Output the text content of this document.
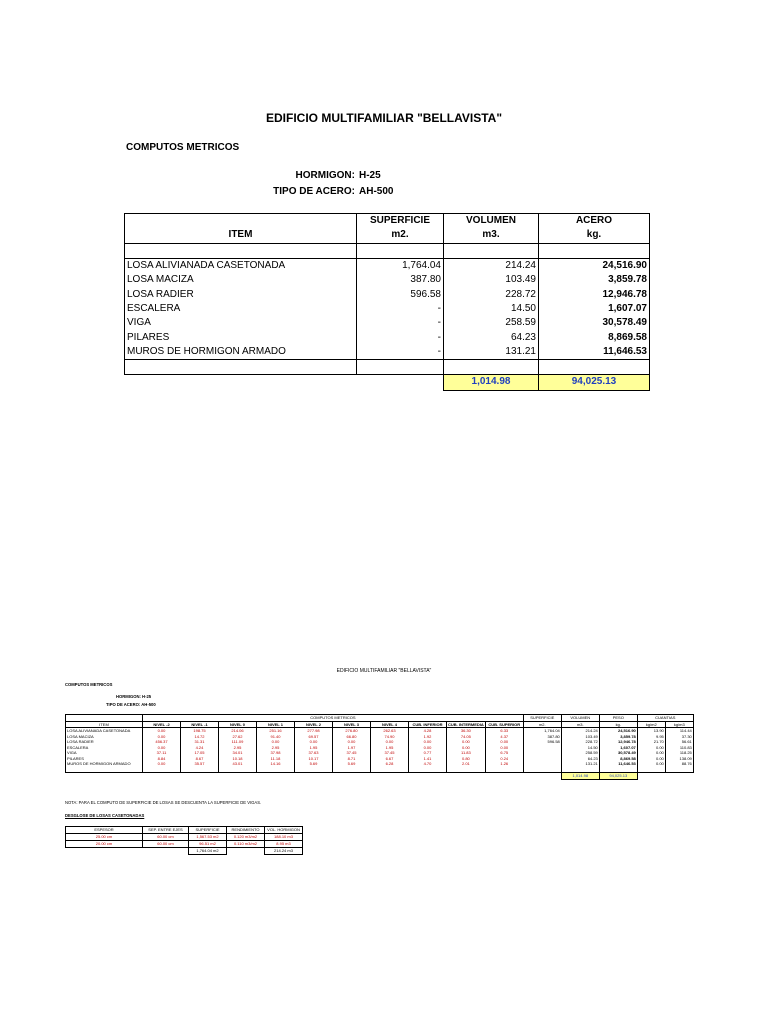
EDIFICIO MULTIFAMILIAR "BELLAVISTA"
COMPUTOS METRICOS
HORMIGON: H-25
TIPO DE ACERO: AH-500
	SUPERFICIE	VOLUMEN	ACERO
ITEM	m2.	m3.	kg.

LOSA ALIVIANADA CASETONADA	1,764.04	214.24	24,516.90
LOSA MACIZA	387.80	103.49	3,859.78
LOSA RADIER	596.58	228.72	12,946.78
ESCALERA	-	14.50	1,607.07
VIGA	-	258.59	30,578.49
PILARES	-	64.23	8,869.58
MUROS DE HORMIGON ARMADO	-	131.21	11,646.53

		1,014.98	94,025.13
EDIFICIO MULTIFAMILIAR "BELLAVISTA"
COMPUTOS METRICOS
HORMIGON: H-25
TIPO DE ACERO: AH-500
	COMPUTOS METRICOS										SUPERFICIE	VOLUMEN	PESO	CUANTIAS	
ITEM	NIVEL -2	NIVEL -1	NIVEL 0	NIVEL 1	NIVEL 2	NIVEL 3	NIVEL 4	CUB. INFERIOR	CUB. INTERMEDIA	CUB. SUPERIOR	m2.	m3.	kg.	kg/m2	kg/m3
LOSA ALIVIANADA CASETONADA	0.00	198.75	214.06	251.16	277.98	276.80	262.63	4.28	36.30	6.33	1,764.04	214.24	24,516.90	13.90	114.44
LOSA MACIZA	0.00	14.72	27.62	91.40	69.57	66.80	74.90	1.92	74.05	4.37	387.80	103.49	3,859.78	9.95	37.30
LOSA RADIER	456.37	31.31	111.09	0.00	0.00	0.00	0.00	0.00	0.00	0.00	596.58	228.72	12,946.78	21.70	56.61
ESCALERA	0.00	4.24	2.95	2.95	1.95	1.97	1.95	0.00	0.00	0.00		14.50	1,607.07	0.00	110.83
VIGA	37.11	17.05	34.01	37.98	37.63	37.45	37.45	0.77	11.83	6.75		258.59	30,578.49	0.00	118.25
PILARES	8.84	8.67	10.18	11.18	10.17	8.71	6.67	1.41	0.80	0.24		64.23	8,869.58	0.00	138.09
MUROS DE HORMIGON ARMADO	0.00	35.57	43.01	14.16	5.69	5.69	6.28	4.70	2.01	1.26		131.21	11,646.53	0.00	88.76

												1,014.98	94,025.13		
NOTA: PARA EL COMPUTO DE SUPERFICIE DE LOSAS SE DESCUENTA LA SUPERFICIE DE VIGAS.
DESGLOSE DE LOSAS CASETONADAS
ESPESOR	SEP. ENTRE EJES	SUPERFICIE	RENDIMIENTO	VOL. HORMIGON
25.00 cm	60.00 cm	1,567.53 m2	0.120 m3/m2	188.10 m3
20.00 cm	60.00 cm	96.51 m2	0.110 m3/m2	8.95 m3
		1,764.04 m2		214.24 m3
